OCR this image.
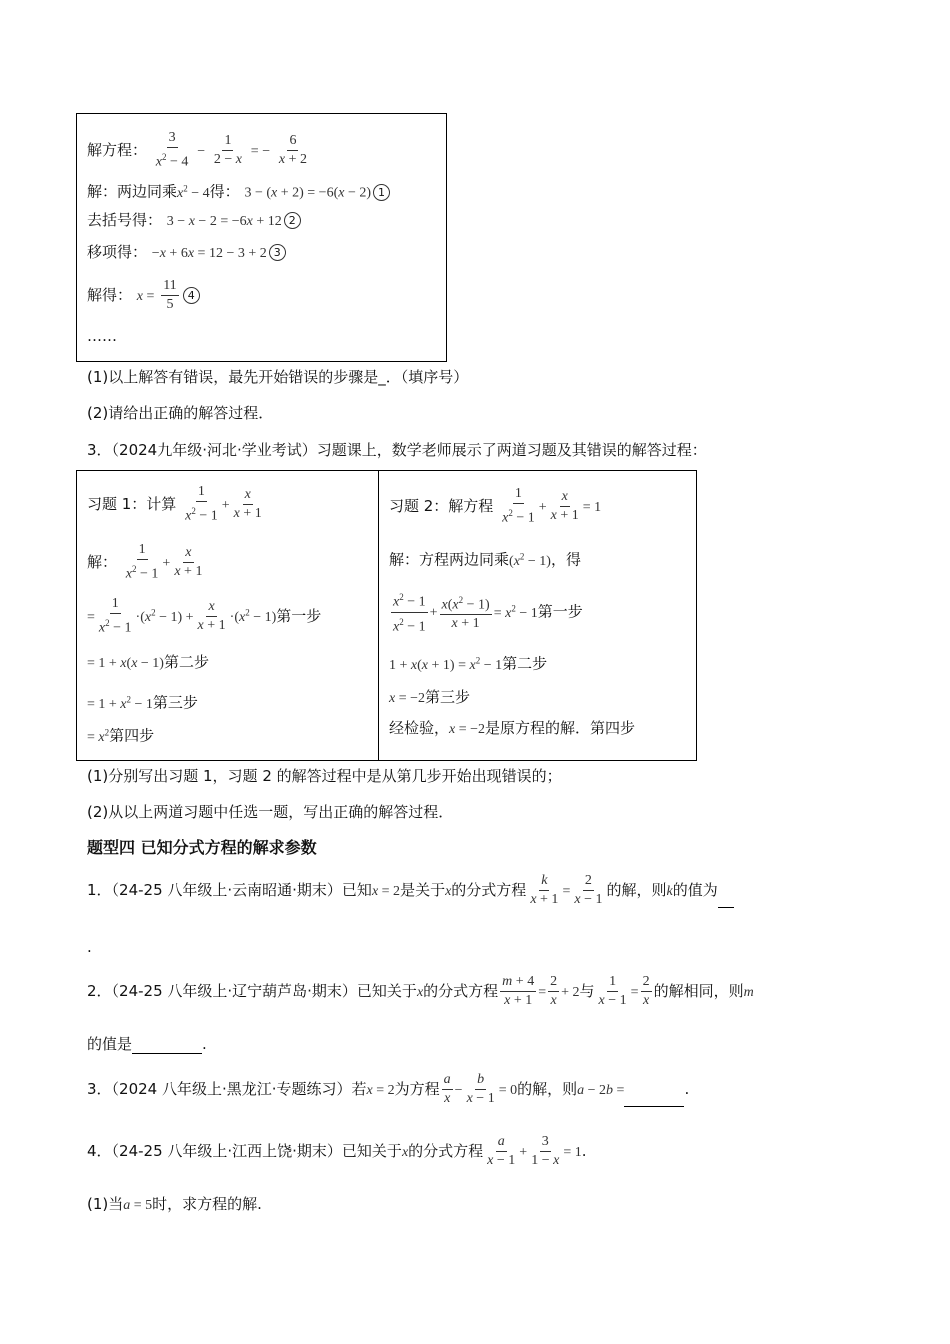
解方程： $\frac{3}{x^2 - 4} - \frac{1}{2 - x}$ = − $\frac{6}{x + 2}$
解：两边同乘$x^2 - 4$得： 3 − (x + 2) = −6(x − 2) 1
去括号得： 3 − x − 2 = −6x + 12 2
移项得： −x + 6x = 12 − 3 + 2 3
解得： $x = \frac{11}{5} 4$
……
(1)以上解答有错误，最先开始错误的步骤是_．（填序号）
(2)请给出正确的解答过程．
3．（2024九年级·河北·学业考试）习题课上，数学老师展示了两道习题及其错误的解答过程：
习题 1：计算 $\frac{1}{x^2 - 1} + \frac{x}{x + 1}$
解： $\frac{1}{x^2 - 1} + \frac{x}{x + 1}$
= $\frac{1}{x^2 - 1} \cdot(x^2 - 1) + \frac{x}{x + 1} \cdot(x^2 - 1)$第一步
= 1 + x(x − 1)第二步
= $1 + x^2 - 1$第三步
= $x^2$第四步
习题 2：解方程 $\frac{1}{x^2 - 1} + \frac{x}{x + 1} = 1$
解：方程两边同乘$(x^2 - 1)$，得
$\frac{x^2 - 1}{x^2 - 1} + \frac{x(x^2 - 1)}{x + 1} = x^2 - 1$第一步
$1 + x(x + 1) = x^2 - 1$第二步
x = −2第三步
经检验，x = −2是原方程的解．第四步
(1)分别写出习题 1，习题 2 的解答过程中是从第几步开始出现错误的；
(2)从以上两道习题中任选一题，写出正确的解答过程．
题型四 已知分式方程的解求参数
1．（24-25 八年级上·云南昭通·期末）已知x = 2是关于x的分式方程 $\frac{k}{x + 1} = \frac{2}{x - 1}$ 的解，则k的值为
.
2．（24-25 八年级上·辽宁葫芦岛·期末）已知关于x的分式方程 $\frac{m + 4}{x + 1} = \frac{2}{x} + 2$与 $\frac{1}{x - 1} = \frac{2}{x}$ 的解相同，则m
的值是	.
3．（2024 八年级上·黑龙江·专题练习）若x = 2为方程 $\frac{a}{x} - \frac{b}{x - 1} = 0$的解，则a − 2b =	.
4．（24-25 八年级上·江西上饶·期末）已知关于x的分式方程 $\frac{a}{x - 1} + \frac{3}{1 - x} = 1$.
(1)当a = 5时，求方程的解.
